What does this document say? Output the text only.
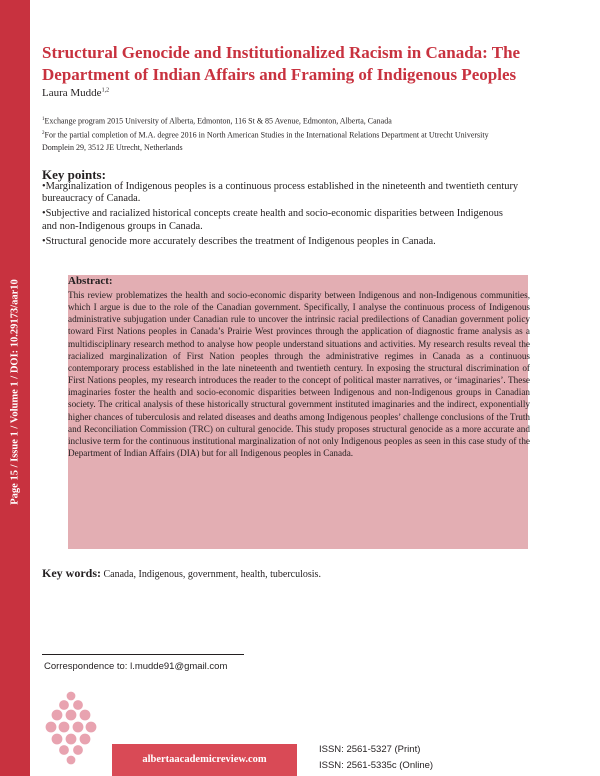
Page 15 / Issue 1 / Volume 1 / DOI: 10.29173/aar10
Structural Genocide and Institutionalized Racism in Canada: The Department of Indian Affairs and Framing of Indigenous Peoples
Laura Mudde$^{1,2}$
$^1$Exchange program 2015 University of Alberta, Edmonton, 116 St & 85 Avenue, Edmonton, Alberta, Canada
$^2$For the partial completion of M.A. degree 2016 in North American Studies in the International Relations Department at Utrecht University Domplein 29, 3512 JE Utrecht, Netherlands
Key points:
•Marginalization of Indigenous peoples is a continuous process established in the nineteenth and twentieth century bureaucracy of Canada.
•Subjective and racialized historical concepts create health and socio-economic disparities between Indigenous and non-Indigenous groups in Canada.
•Structural genocide more accurately describes the treatment of Indigenous peoples in Canada.
Abstract:

This review problematizes the health and socio-economic disparity between Indigenous and non-Indigenous communities, which I argue is due to the role of the Canadian government. Specifically, I analyse the continuous process of Indigenous administrative subjugation under Canadian rule to uncover the intrinsic racial predilections of Canadian government policy toward First Nations peoples in Canada’s Prairie West provinces through the application of diagnostic frame analysis as a multidisciplinary research method to analyse how people understand situations and activities. My research results reveal the racialized marginalization of First Nation peoples through the administrative regimes in Canada as a continuous contemporary process established in the late nineteenth and twentieth century. In exposing the structural discrimination of First Nations peoples, my research introduces the reader to the concept of political master narratives, or ‘imaginaries’. These imaginaries foster the health and socio-economic disparities between Indigenous and non-Indigenous groups in Canadian society. The critical analysis of these historically structural government instituted imaginaries and the indirect, exponentially higher chances of tuberculosis and related diseases and deaths among Indigenous peoples’ challenge conclusions of the Truth and Reconciliation Commission (TRC) on cultural genocide. This study proposes structural genocide as a more accurate and inclusive term for the continuous institutional marginalization of not only Indigenous peoples as seen in this case study of the Department of Indian Affairs (DIA) but for all Indigenous peoples in Canada.

Key words: Canada, Indigenous, government, health, tuberculosis.
Correspondence to: l.mudde91@gmail.com
albertaacademicreview.com
ISSN: 2561-5327 (Print)
ISSN: 2561-5335c (Online)
